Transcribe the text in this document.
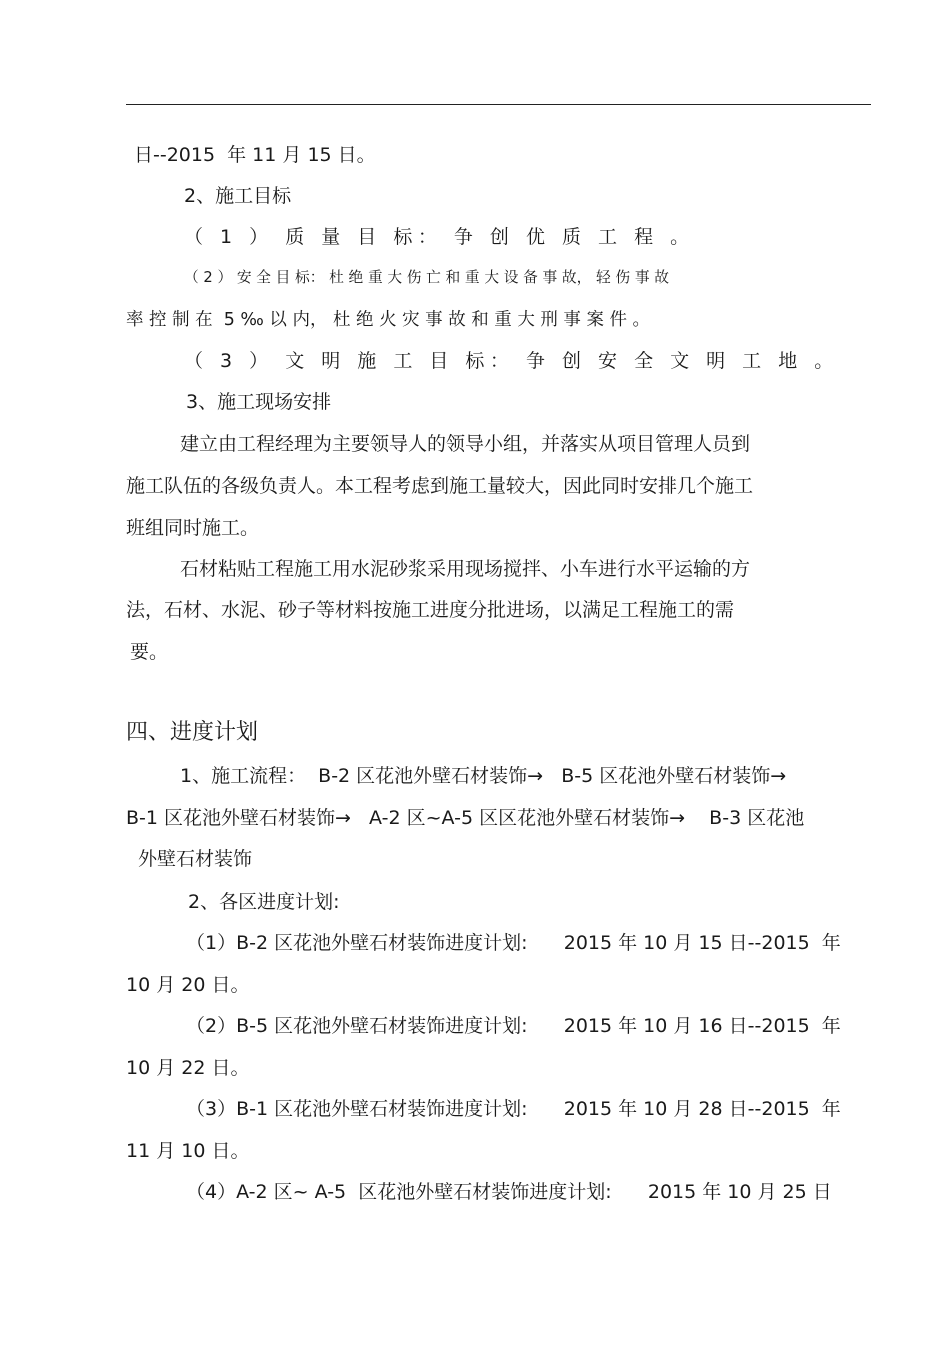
日--2015  年 11 月 15 日。
2、施工目标
（ 1 ） 质 量 目 标： 争 创 优 质 工 程 。
（ 2 ） 安 全 目 标： 杜 绝 重 大 伤 亡 和 重 大 设 备 事 故， 轻 伤 事 故
率 控 制 在  5 ‰ 以 内， 杜 绝 火 灾 事 故 和 重 大 刑 事 案 件 。
（ 3 ） 文 明 施 工 目 标： 争 创 安 全 文 明 工 地 。
3、施工现场安排
建立由工程经理为主要领导人的领导小组，并落实从项目管理人员到
施工队伍的各级负责人。本工程考虑到施工量较大，因此同时安排几个施工
班组同时施工。
石材粘贴工程施工用水泥砂浆采用现场搅拌、小车进行水平运输的方
法，石材、水泥、砂子等材料按施工进度分批进场，以满足工程施工的需
要。
四、进度计划
1、施工流程：  B-2 区花池外壁石材装饰→   B-5 区花池外壁石材装饰→
B-1 区花池外壁石材装饰→   A-2 区~A-5 区区花池外壁石材装饰→    B-3 区花池
外壁石材装饰
2、各区进度计划:
（1）B-2 区花池外壁石材装饰进度计划:      2015 年 10 月 15 日--2015  年
10 月 20 日。
（2）B-5 区花池外壁石材装饰进度计划:      2015 年 10 月 16 日--2015  年
10 月 22 日。
（3）B-1 区花池外壁石材装饰进度计划:      2015 年 10 月 28 日--2015  年
11 月 10 日。
（4）A-2 区~ A-5  区花池外壁石材装饰进度计划:      2015 年 10 月 25 日
